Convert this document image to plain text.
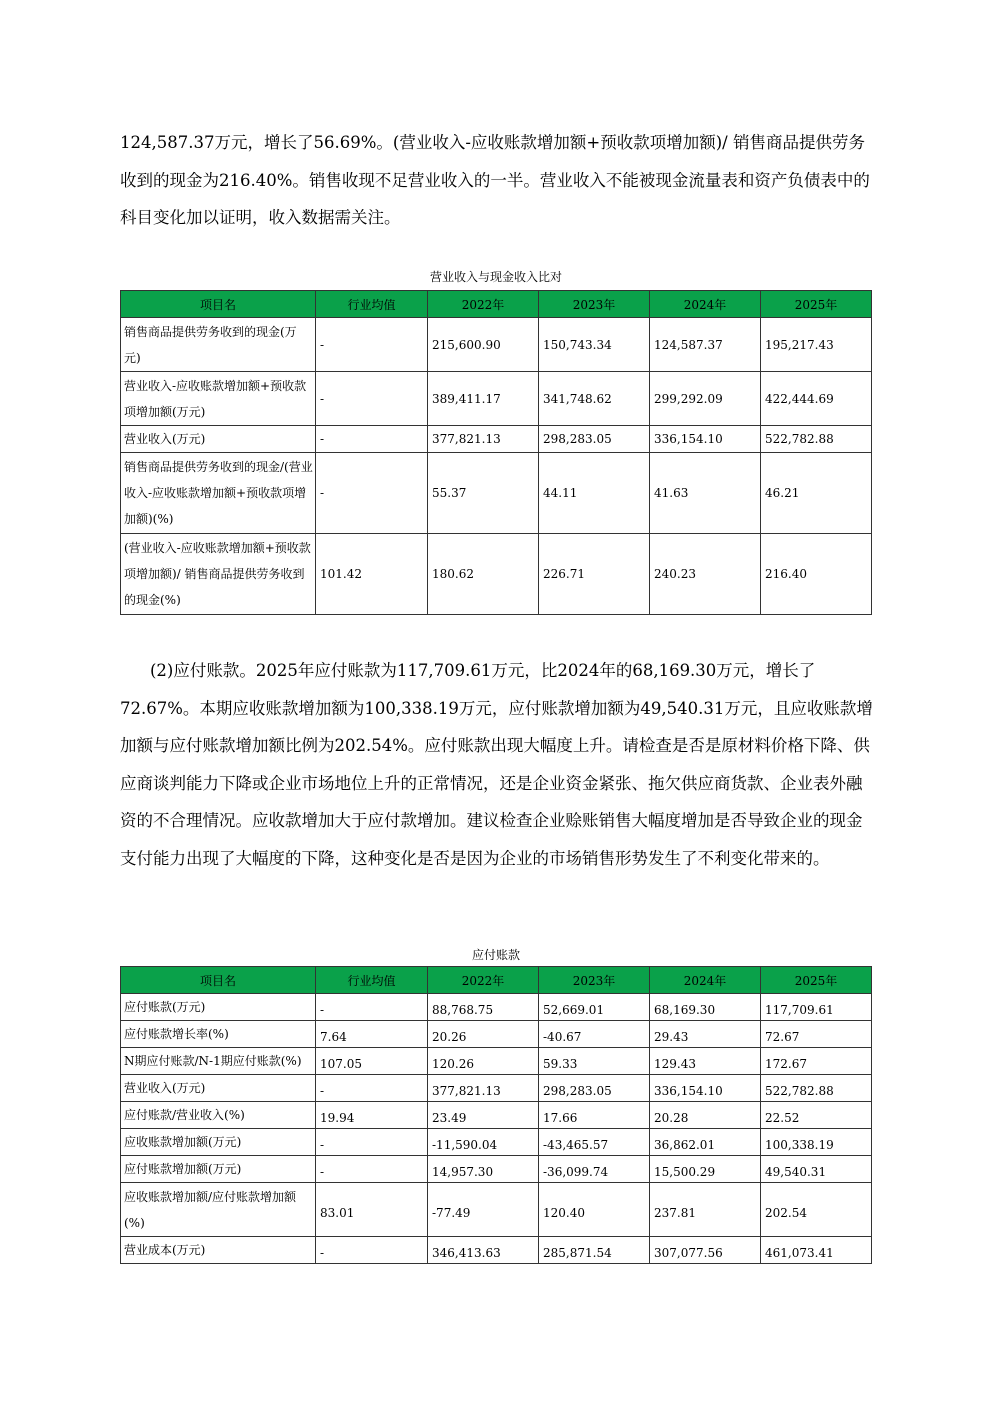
124,587.37万元，增长了56.69%。(营业收入-应收账款增加额+预收款项增加额)/ 销售商品提供劳务收到的现金为216.40%。销售收现不足营业收入的一半。营业收入不能被现金流量表和资产负债表中的科目变化加以证明，收入数据需关注。

营业收入与现金收入比对
项目名	行业均值	2022年	2023年	2024年	2025年
销售商品提供劳务收到的现金(万元)	-	215,600.90	150,743.34	124,587.37	195,217.43
营业收入-应收账款增加额+预收款项增加额(万元)	-	389,411.17	341,748.62	299,292.09	422,444.69
营业收入(万元)	-	377,821.13	298,283.05	336,154.10	522,782.88
销售商品提供劳务收到的现金/(营业收入-应收账款增加额+预收款项增加额)(%)	-	55.37	44.11	41.63	46.21
(营业收入-应收账款增加额+预收款项增加额)/ 销售商品提供劳务收到的现金(%)	101.42	180.62	226.71	240.23	216.40

(2)应付账款。2025年应付账款为117,709.61万元，比2024年的68,169.30万元，增长了72.67%。本期应收账款增加额为100,338.19万元，应付账款增加额为49,540.31万元，且应收账款增加额与应付账款增加额比例为202.54%。应付账款出现大幅度上升。请检查是否是原材料价格下降、供应商谈判能力下降或企业市场地位上升的正常情况，还是企业资金紧张、拖欠供应商货款、企业表外融资的不合理情况。应收款增加大于应付款增加。建议检查企业赊账销售大幅度增加是否导致企业的现金支付能力出现了大幅度的下降，这种变化是否是因为企业的市场销售形势发生了不利变化带来的。

应付账款
项目名	行业均值	2022年	2023年	2024年	2025年
应付账款(万元)	-	88,768.75	52,669.01	68,169.30	117,709.61
应付账款增长率(%)	7.64	20.26	-40.67	29.43	72.67
N期应付账款/N-1期应付账款(%)	107.05	120.26	59.33	129.43	172.67
营业收入(万元)	-	377,821.13	298,283.05	336,154.10	522,782.88
应付账款/营业收入(%)	19.94	23.49	17.66	20.28	22.52
应收账款增加额(万元)	-	-11,590.04	-43,465.57	36,862.01	100,338.19
应付账款增加额(万元)	-	14,957.30	-36,099.74	15,500.29	49,540.31
应收账款增加额/应付账款增加额(%)	83.01	-77.49	120.40	237.81	202.54
营业成本(万元)	-	346,413.63	285,871.54	307,077.56	461,073.41
